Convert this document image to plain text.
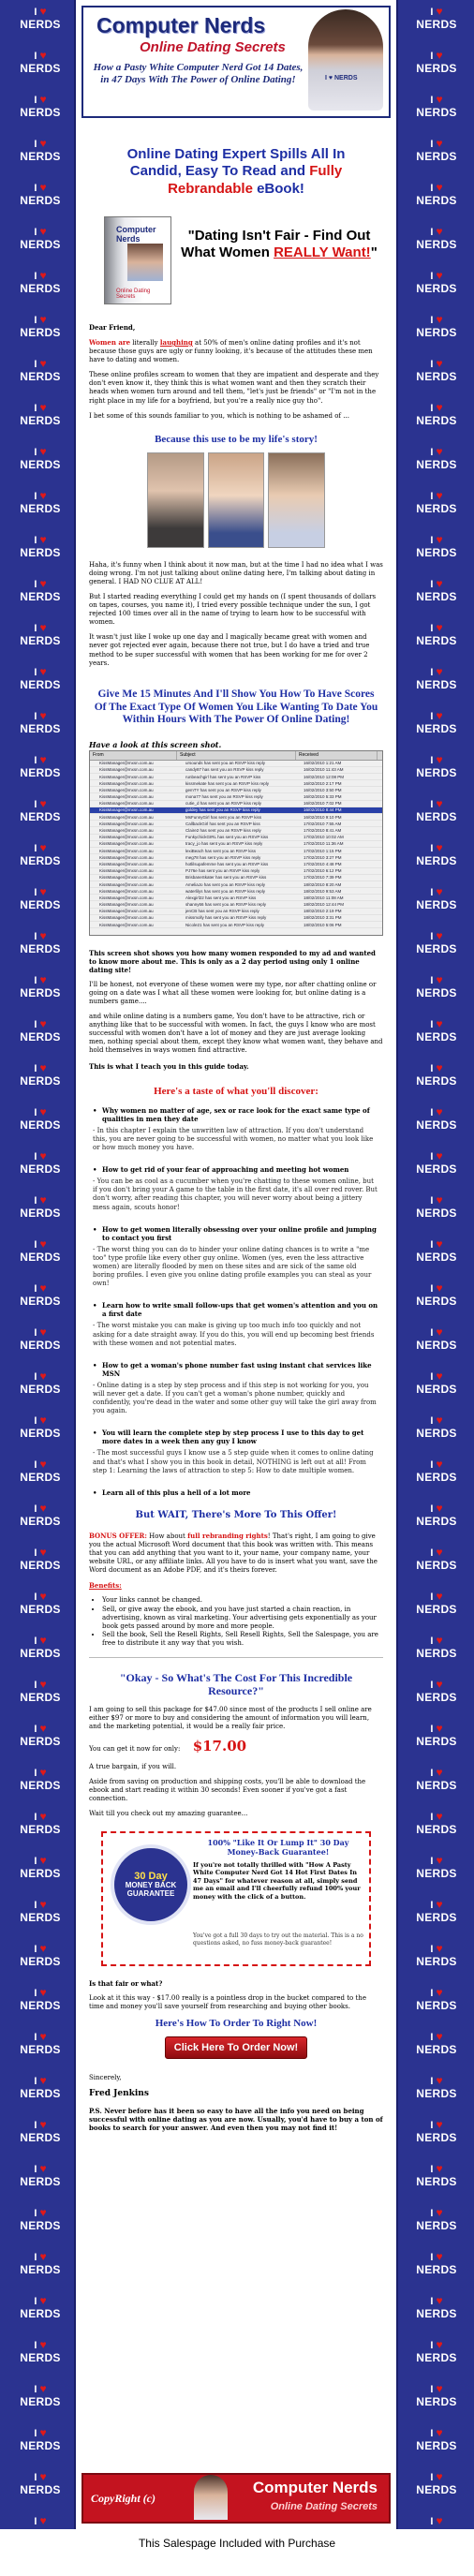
I ♥
NERDS
I ♥
NERDS
I ♥
NERDS
I ♥
NERDS
I ♥
NERDS
I ♥
NERDS
I ♥
NERDS
I ♥
NERDS
I ♥
NERDS
I ♥
NERDS
I ♥
NERDS
I ♥
NERDS
I ♥
NERDS
I ♥
NERDS
I ♥
NERDS
I ♥
NERDS
I ♥
NERDS
I ♥
NERDS
I ♥
NERDS
I ♥
NERDS
I ♥
NERDS
I ♥
NERDS
I ♥
NERDS
I ♥
NERDS
I ♥
NERDS
I ♥
NERDS
I ♥
NERDS
I ♥
NERDS
I ♥
NERDS
I ♥
NERDS
I ♥
NERDS
I ♥
NERDS
I ♥
NERDS
I ♥
NERDS
I ♥
NERDS
I ♥
NERDS
I ♥
NERDS
I ♥
NERDS
I ♥
NERDS
I ♥
NERDS
I ♥
NERDS
I ♥
NERDS
I ♥
NERDS
I ♥
NERDS
I ♥
NERDS
I ♥
NERDS
I ♥
NERDS
I ♥
NERDS
I ♥
NERDS
I ♥
NERDS
I ♥
NERDS
I ♥
NERDS
I ♥
NERDS
I ♥
NERDS
I ♥
NERDS
I ♥
NERDS
I ♥
NERDS
I ♥
NERDS
I ♥
NERDS
I ♥
NERDS
I ♥
NERDS
I ♥
NERDS
I ♥
NERDS
I ♥
NERDS
I ♥
NERDS
I ♥
NERDS
I ♥
NERDS
I ♥
NERDS
I ♥
NERDS
I ♥
NERDS
I ♥
NERDS
I ♥
NERDS
I ♥
NERDS
I ♥
NERDS
I ♥
NERDS
I ♥
NERDS
I ♥
NERDS
I ♥
NERDS
I ♥
NERDS
I ♥
NERDS
I ♥
NERDS
I ♥
NERDS
I ♥
NERDS
I ♥
NERDS
I ♥
NERDS
I ♥
NERDS
I ♥
NERDS
I ♥
NERDS
I ♥
NERDS
I ♥
NERDS
I ♥
NERDS
I ♥
NERDS
I ♥
NERDS
I ♥
NERDS
I ♥
NERDS
I ♥
NERDS
I ♥
NERDS
I ♥
NERDS
I ♥
NERDS
I ♥
NERDS
I ♥
NERDS
I ♥
NERDS
I ♥
NERDS
I ♥
NERDS
I ♥
NERDS
I ♥
NERDS
I ♥
NERDS
I ♥
NERDS
I ♥
NERDS
I ♥
NERDS
I ♥
NERDS
I ♥
NERDS
I ♥
NERDS
I ♥
NERDS
I ♥
NERDS
I ♥
NERDS
Computer Nerds
Online Dating Secrets
How a Pasty White Computer Nerd Got 14 Dates, in 47 Days With The Power of Online Dating!	I ♥ NERDS
Online Dating Expert Spills All In Candid, Easy To Read and Fully Rebrandable eBook!
Computer Nerds
Online Dating Secrets
"Dating Isn't Fair - Find Out What Women REALLY Want!"

Dear Friend,

Women are literally laughing at 50% of men's online dating profiles and it's not because those guys are ugly or funny looking, it's because of the attitudes these men have to dating and women.

These online profiles scream to women that they are impatient and desperate and they don't even know it, they think this is what women want and then they scratch their heads when women turn around and tell them, "let's just be friends" or "I'm not in the right place in my life for a boyfriend, but you're a really nice guy tho".

I bet some of this sounds familiar to you, which is nothing to be ashamed of ...

Because this use to be my life's story!

Haha, it's funny when I think about it now man, but at the time I had no idea what I was doing wrong. I'm not just talking about online dating here, I'm talking about dating in general. I HAD NO CLUE AT ALL!

But I started reading everything I could get my hands on (I spent thousands of dollars on tapes, courses, you name it), I tried every possible technique under the sun, I got rejected 100 times over all in the name of trying to learn how to be successful with women.

It wasn't just like I woke up one day and I magically became great with women and never got rejected ever again, because there not true, but I do have a tried and true method to be super successful with women that has been working for me for over 2 years.

Give Me 15 Minutes And I'll Show You How To Have Scores Of The Exact Type Of Women You Like Wanting To Date You Within Hours With The Power Of Online Dating!
Have a look at this screen shot.
From	Subject	Received
KissManager@mxsn.com.au	ursounds has sent you an RSVP kiss reply	16/02/2010 1:21 AM
KissManager@mxsn.com.au	candy87 has sent you an RSVP kiss reply	16/02/2010 11:43 AM
KissManager@mxsn.com.au	runbeachgirl has sent you an RSVP kiss	16/02/2010 12:08 PM
KissManager@mxsn.com.au	kissmekate has sent you an RSVP kiss reply	16/02/2010 2:17 PM
KissManager@mxsn.com.au	gemTY has sent you an RSVP kiss reply	16/02/2010 3:50 PM
KissManager@mxsn.com.au	mona77 has sent you an RSVP kiss reply	16/02/2010 5:33 PM
KissManager@mxsn.com.au	cutie_d has sent you an RSVP kiss reply	16/02/2010 7:02 PM
KissManager@mxsn.com.au	goldey has sent you an RSVP kiss reply	16/02/2010 8:44 PM
KissManager@mxsn.com.au	MsFunnyGirl has sent you an RSVP kiss	16/02/2010 9:10 PM
KissManager@mxsn.com.au	CallbackGirl has sent you an RSVP kiss	17/02/2010 7:55 AM
KissManager@mxsn.com.au	Claire2 has sent you an RSVP kiss reply	17/02/2010 8:41 AM
KissManager@mxsn.com.au	FunkychickGIRL has sent you an RSVP kiss	17/02/2010 10:02 AM
KissManager@mxsn.com.au	tracy_jo has sent you an RSVP kiss reply	17/02/2010 11:36 AM
KissManager@mxsn.com.au	lexiBeach has sent you an RSVP kiss	17/02/2010 1:15 PM
KissManager@mxsn.com.au	meg78 has sent you an RSVP kiss reply	17/02/2010 3:27 PM
KissManager@mxsn.com.au	hotlilsupafemme has sent you an RSVP kiss	17/02/2010 4:48 PM
KissManager@mxsn.com.au	PJ76e has sent you an RSVP kiss reply	17/02/2010 6:12 PM
KissManager@mxsn.com.au	BrisbaneSkater has sent you an RSVP kiss	17/02/2010 7:39 PM
KissManager@mxsn.com.au	AmeliaJo has sent you an RSVP kiss reply	18/02/2010 8:20 AM
KissManager@mxsn.com.au	waterlilys has sent you an RSVP kiss reply	18/02/2010 9:53 AM
KissManager@mxsn.com.au	Alexgirl22 has sent you an RSVP kiss	18/02/2010 11:08 AM
KissManager@mxsn.com.au	shanny66 has sent you an RSVP kiss reply	18/02/2010 12:44 PM
KissManager@mxsn.com.au	jenCB has sent you an RSVP kiss reply	18/02/2010 2:19 PM
KissManager@mxsn.com.au	missmolly has sent you an RSVP kiss reply	18/02/2010 3:31 PM
KissManager@mxsn.com.au	Nicole21 has sent you an RSVP kiss reply	18/02/2010 5:06 PM

This screen shot shows you how many women responded to my ad and wanted to know more about me. This is only as a 2 day period using only 1 online dating site!

I'll be honest, not everyone of these women were my type, nor after chatting online or going on a date was I what all these women were looking for, but online dating is a numbers game....

and while online dating is a numbers game, You don't have to be attractive, rich or anything like that to be successful with women. In fact, the guys I know who are most successful with women don't have a lot of money and they are just average looking men, nothing special about them, except they know what women want, they behave and hold themselves in ways women find attractive.

This is what I teach you in this guide today.

Here's a taste of what you'll discover:
• Why women no matter of age, sex or race look for the exact same type of qualities in men they date
- In this chapter I explain the unwritten law of attraction. If you don't understand this, you are never going to be successful with women, no matter what you look like or how much money you have.
• How to get rid of your fear of approaching and meeting hot women
- You can be as cool as a cucumber when you're chatting to these women online, but if you don't bring your A game to the table in the first date, it's all over red rover. But don't worry, after reading this chapter, you will never worry about being a jittery mess again, scouts honor!
• How to get women literally obsessing over your online profile and jumping to contact you first
- The worst thing you can do to hinder your online dating chances is to write a "me too" type profile like every other guy online. Women (yes, even the less attractive women) are literally flooded by men on these sites and are sick of the same old boring profiles. I even give you online dating profile examples you can steal as your own!
• Learn how to write small follow-ups that get women's attention and you on a first date
- The worst mistake you can make is giving up too much info too quickly and not asking for a date straight away. If you do this, you will end up becoming best friends with these women and not potential mates.
• How to get a woman's phone number fast using instant chat services like MSN
- Online dating is a step by step process and if this step is not working for you, you will never get a date. If you can't get a woman's phone number, quickly and confidently, you're dead in the water and some other guy will take the girl away from you again.
• You will learn the complete step by step process I use to this day to get more dates in a week then any guy I know
- The most successful guys I know use a 5 step guide when it comes to online dating and that's what I show you in this book in detail, NOTHING is left out at all! From step 1: Learning the laws of attraction to step 5: How to date multiple women.
• Learn all of this plus a hell of a lot more
But WAIT, There's More To This Offer!

BONUS OFFER: How about full rebranding rights! That's right, I am going to give you the actual Microsoft Word document that this book was written with. This means that you can add anything that you want to it, your name, your company name, your website URL, or any affiliate links. All you have to do is insert what you want, save the Word document as an Adobe PDF, and it's theirs forever.

Benefits:

• Your links cannot be changed.
• Sell, or give away the ebook, and you have just started a chain reaction, in advertising, known as viral marketing. Your advertising gets exponentially as your book gets passed around by more and more people.
• Sell the book, Sell the Resell Rights, Sell Resell Rights, Sell the Salespage, you are free to distribute it any way that you wish.
"Okay - So What's The Cost For This Incredible Resource?"

I am going to sell this package for $47.00 since most of the products I sell online are either $97 or more to buy and considering the amount of information you will learn, and the marketing potential, it would be a really fair price.

You can get it now for only: $17.00

A true bargain, if you will.

Aside from saving on production and shipping costs, you'll be able to download the ebook and start reading it within 30 seconds! Even sooner if you've got a fast connection.

Wait till you check out my amazing guarantee...

30 Day
MONEY BACK
GUARANTEE
100% "Like It Or Lump It" 30 Day Money-Back Guarantee!
If you're not totally thrilled with "How A Pasty White Computer Nerd Got 14 Hot First Dates In 47 Days" for whatever reason at all, simply send me an email and I'll cheerfully refund 100% your money with the click of a button.
You've got a full 30 days to try out the material. This is a no questions asked, no fuss money-back guarantee!

Is that fair or what?

Look at it this way - $17.00 really is a pointless drop in the bucket compared to the time and money you'll save yourself from researching and buying other books.

Here's How To Order To Right Now!
Click Here To Order Now!

Sincerely,

Fred Jenkins

P.S. Never before has it been so easy to have all the info you need on being successful with online dating as you are now. Usually, you'd have to buy a ton of books to search for your answer. And even then you may not find it!

CopyRight (c)
Computer Nerds
Online Dating Secrets
This Salespage Included with Purchase
